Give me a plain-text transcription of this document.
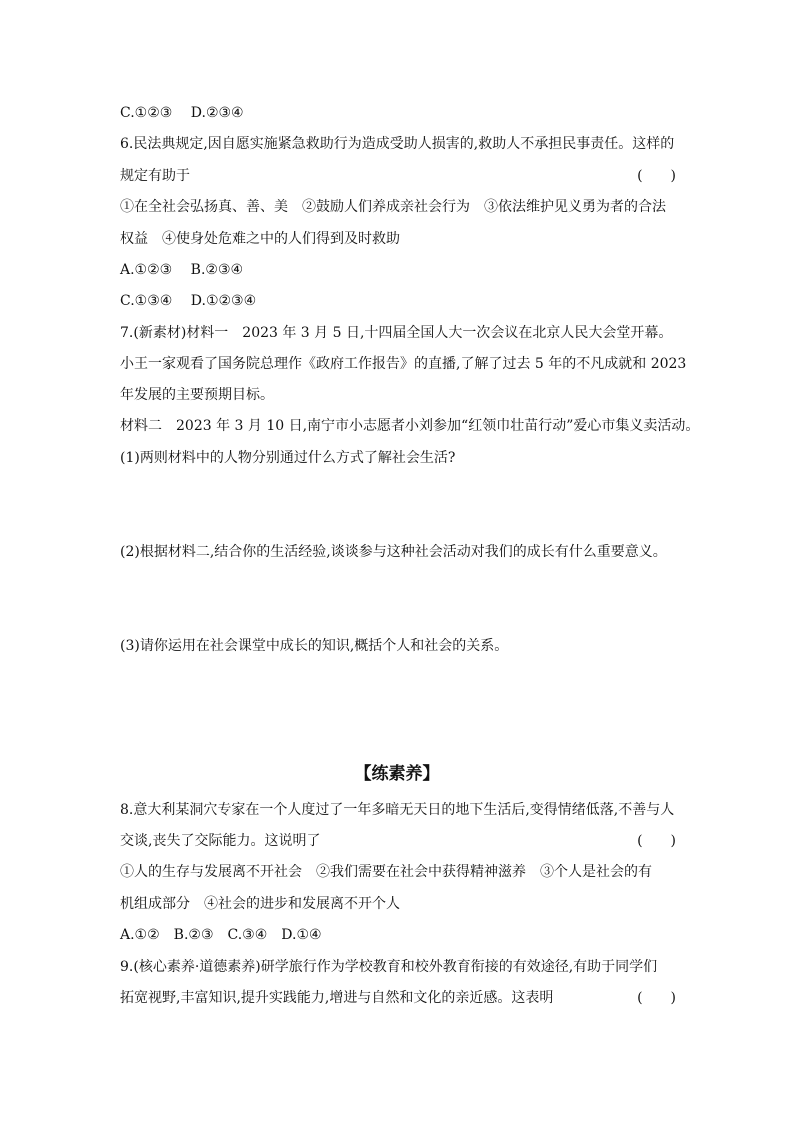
C.①②③　 D.②③④
6.民法典规定,因自愿实施紧急救助行为造成受助人损害的,救助人不承担民事责任。这样的
规定有助于	(　　)
①在全社会弘扬真、善、美　②鼓励人们养成亲社会行为　③依法维护见义勇为者的合法
权益　④使身处危难之中的人们得到及时救助
A.①②③　 B.②③④
C.①③④　 D.①②③④
7.(新素材)材料一　2023 年 3 月 5 日,十四届全国人大一次会议在北京人民大会堂开幕。
小王一家观看了国务院总理作《政府工作报告》的直播,了解了过去 5 年的不凡成就和 2023
年发展的主要预期目标。
材料二　2023 年 3 月 10 日,南宁市小志愿者小刘参加“红领巾壮苗行动”爱心市集义卖活动。
(1)两则材料中的人物分别通过什么方式了解社会生活?
(2)根据材料二,结合你的生活经验,谈谈参与这种社会活动对我们的成长有什么重要意义。
(3)请你运用在社会课堂中成长的知识,概括个人和社会的关系。
【练素养】
8.意大利某洞穴专家在一个人度过了一年多暗无天日的地下生活后,变得情绪低落,不善与人
交谈,丧失了交际能力。这说明了	(　　)
①人的生存与发展离不开社会　②我们需要在社会中获得精神滋养　③个人是社会的有
机组成部分　④社会的进步和发展离不开个人
A.①②　B.②③　C.③④　D.①④
9.(核心素养·道德素养)研学旅行作为学校教育和校外教育衔接的有效途径,有助于同学们
拓宽视野,丰富知识,提升实践能力,增进与自然和文化的亲近感。这表明	(　　)
